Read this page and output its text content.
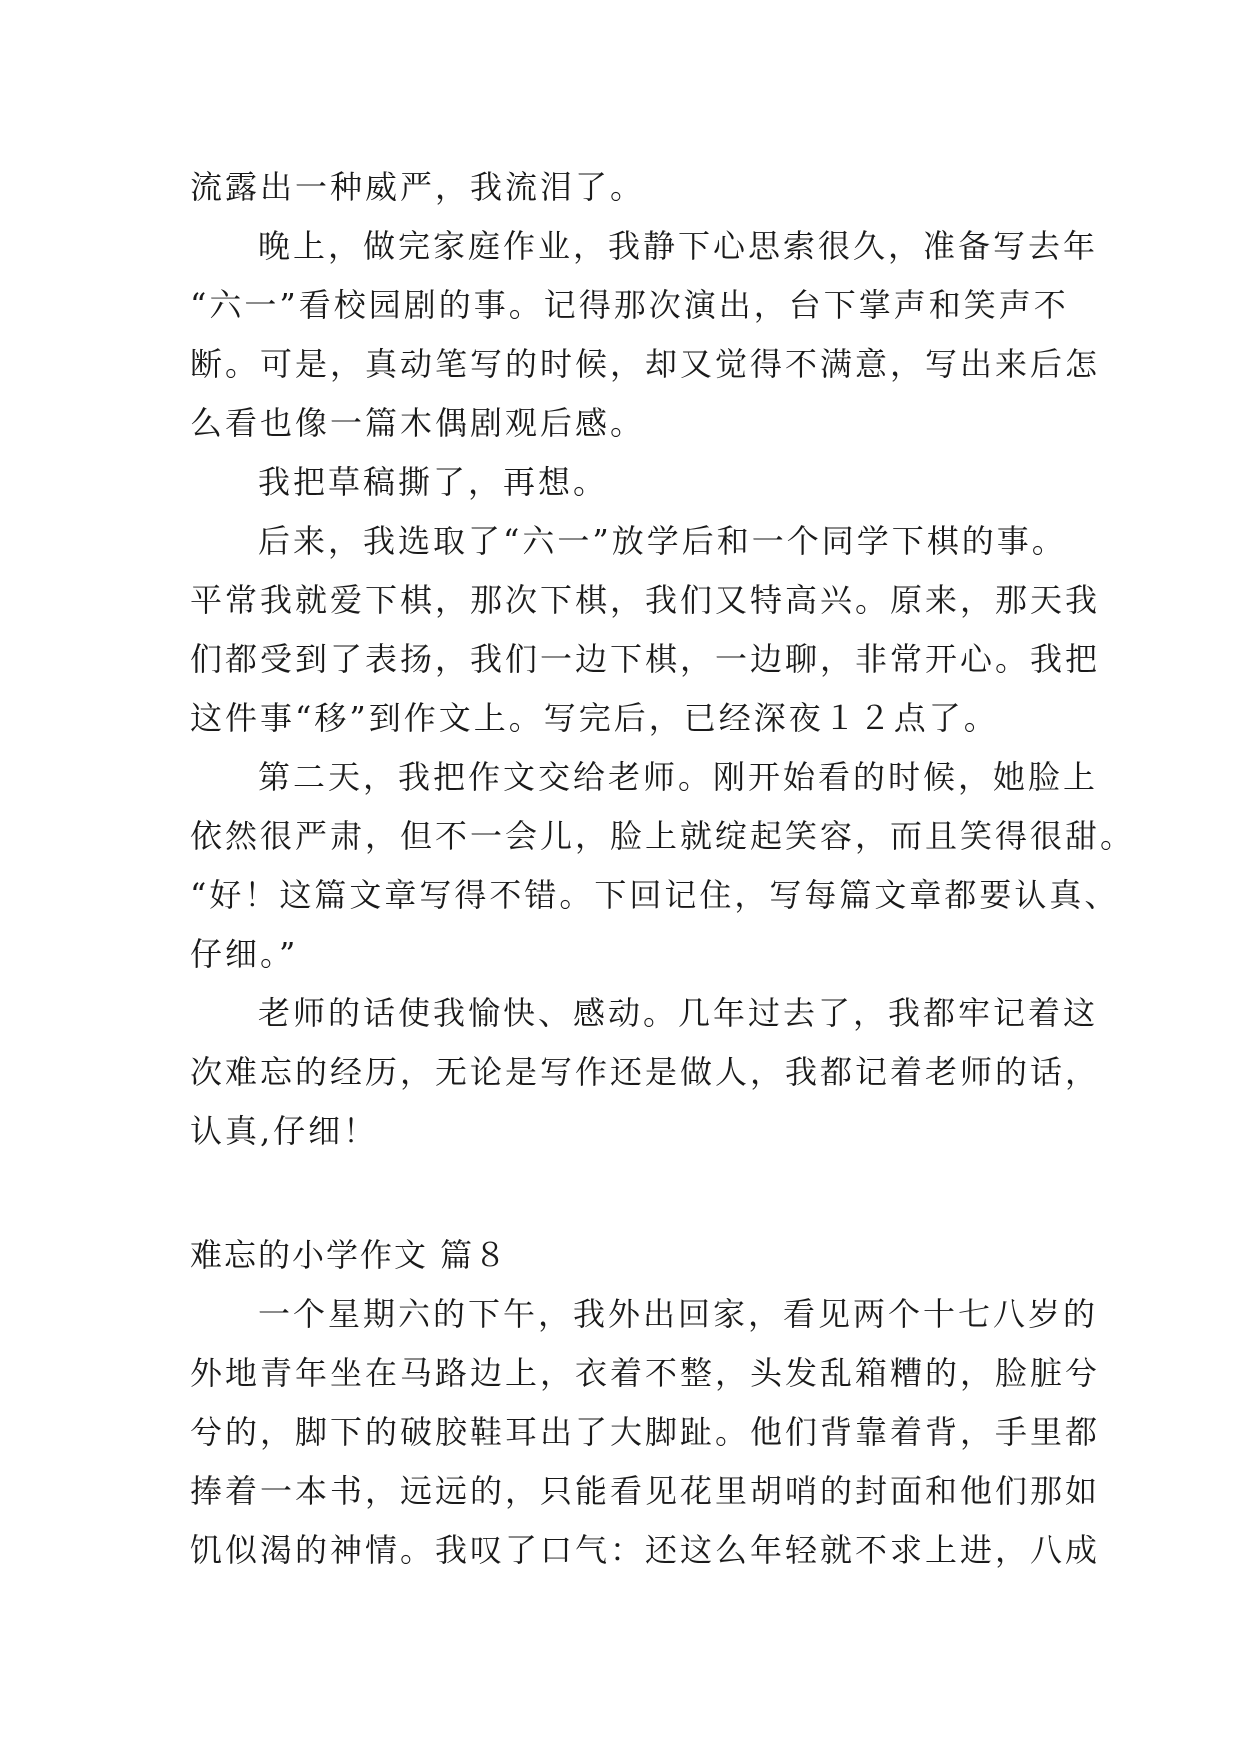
流露出一种威严，我流泪了。
晚上，做完家庭作业，我静下心思索很久，准备写去年
“六一”看校园剧的事。记得那次演出，台下掌声和笑声不
断。可是，真动笔写的时候，却又觉得不满意，写出来后怎
么看也像一篇木偶剧观后感。
我把草稿撕了，再想。
后来，我选取了“六一”放学后和一个同学下棋的事。
平常我就爱下棋，那次下棋，我们又特高兴。原来，那天我
们都受到了表扬，我们一边下棋，一边聊，非常开心。我把
这件事“移”到作文上。写完后，已经深夜１２点了。
第二天，我把作文交给老师。刚开始看的时候，她脸上
依然很严肃，但不一会儿，脸上就绽起笑容，而且笑得很甜。
“好！这篇文章写得不错。下回记住，写每篇文章都要认真、
仔细。”
老师的话使我愉快、感动。几年过去了，我都牢记着这
次难忘的经历，无论是写作还是做人，我都记着老师的话，
认真,仔细！
难忘的小学作文 篇８
一个星期六的下午，我外出回家，看见两个十七八岁的
外地青年坐在马路边上，衣着不整，头发乱箱糟的，脸脏兮
兮的，脚下的破胶鞋耳出了大脚趾。他们背靠着背，手里都
捧着一本书，远远的，只能看见花里胡哨的封面和他们那如
饥似渴的神情。我叹了口气：还这么年轻就不求上进，八成
